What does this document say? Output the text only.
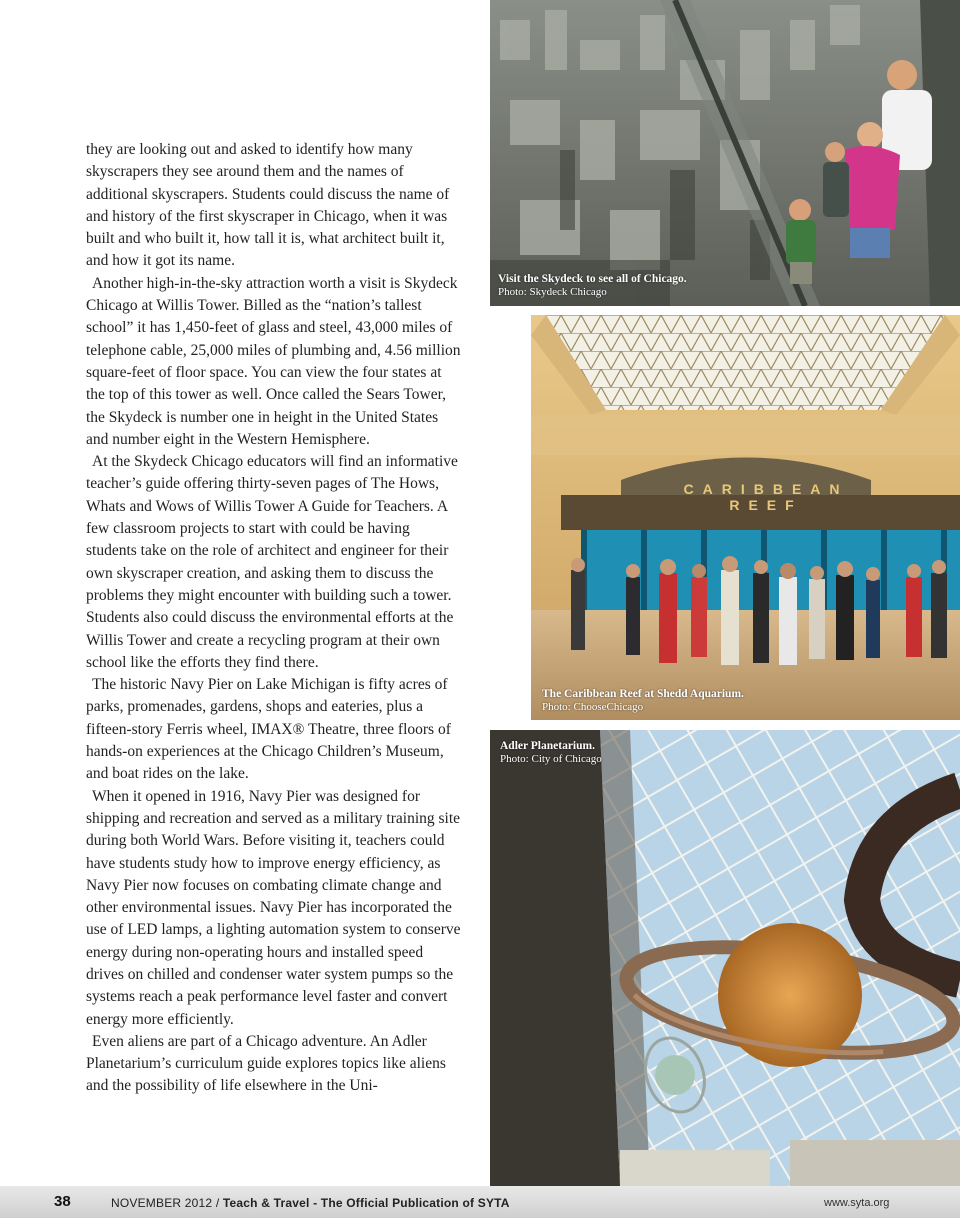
they are looking out and asked to identify how many skyscrapers they see around them and the names of additional skyscrapers. Students could discuss the name of and history of the first skyscraper in Chicago, when it was built and who built it, how tall it is, what architect built it, and how it got its name.

Another high-in-the-sky attraction worth a visit is Skydeck Chicago at Willis Tower. Billed as the “nation’s tallest school” it has 1,450-feet of glass and steel, 43,000 miles of telephone cable, 25,000 miles of plumbing and, 4.56 million square-feet of floor space. You can view the four states at the top of this tower as well. Once called the Sears Tower, the Skydeck is number one in height in the United States and number eight in the Western Hemisphere.

At the Skydeck Chicago educators will find an informative teacher’s guide offering thirty-seven pages of The Hows, Whats and Wows of Willis Tower A Guide for Teachers. A few classroom projects to start with could be having students take on the role of architect and engineer for their own skyscraper creation, and asking them to discuss the problems they might encounter with building such a tower. Students also could discuss the environmental efforts at the Willis Tower and create a recycling program at their own school like the efforts they find there.

The historic Navy Pier on Lake Michigan is fifty acres of parks, promenades, gardens, shops and eateries, plus a fifteen-story Ferris wheel, IMAX® Theatre, three floors of hands-on experiences at the Chicago Children’s Museum, and boat rides on the lake.

When it opened in 1916, Navy Pier was designed for shipping and recreation and served as a military training site during both World Wars. Before visiting it, teachers could have students study how to improve energy efficiency, as Navy Pier now focuses on combating climate change and other environmental issues. Navy Pier has incorporated the use of LED lamps, a lighting automation system to conserve energy during non-operating hours and installed speed drives on chilled and condenser water system pumps so the systems reach a peak performance level faster and convert energy more efficiently.

Even aliens are part of a Chicago adventure. An Adler Planetarium’s curriculum guide explores topics like aliens and the possibility of life elsewhere in the Uni-

Visit the Skydeck to see all of Chicago.
Photo: Skydeck Chicago
CARIBBEAN REEF
The Caribbean Reef at Shedd Aquarium.
Photo: ChooseChicago
Adler Planetarium.
Photo: City of Chicago
38	NOVEMBER 2012 / Teach & Travel - The Official Publication of SYTA	www.syta.org
